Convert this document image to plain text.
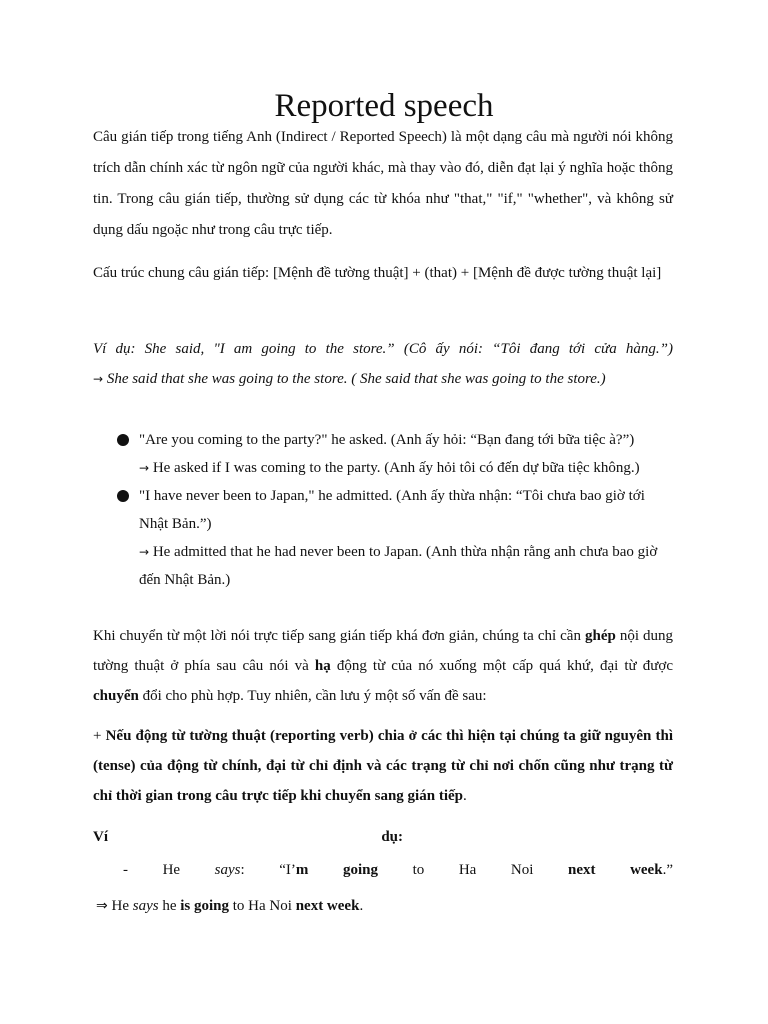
Reported speech

Câu gián tiếp trong tiếng Anh (Indirect / Reported Speech) là một dạng câu mà người nói không trích dẫn chính xác từ ngôn ngữ của người khác, mà thay vào đó, diễn đạt lại ý nghĩa hoặc thông tin. Trong câu gián tiếp, thường sử dụng các từ khóa như "that," "if," "whether", và không sử dụng dấu ngoặc như trong câu trực tiếp.

Cấu trúc chung câu gián tiếp: [Mệnh đề tường thuật] + (that) + [Mệnh đề được tường thuật lại]

Ví dụ: She said, "I am going to the store.” (Cô ấy nói: “Tôi đang tới cửa hàng.”)

→ She said that she was going to the store. ( She said that she was going to the store.)

"Are you coming to the party?" he asked. (Anh ấy hỏi: “Bạn đang tới bữa tiệc à?”)
→ He asked if I was coming to the party. (Anh ấy hỏi tôi có đến dự bữa tiệc không.)
"I have never been to Japan," he admitted. (Anh ấy thừa nhận: “Tôi chưa bao giờ tới Nhật Bản.”)
→ He admitted that he had never been to Japan. (Anh thừa nhận rằng anh chưa bao giờ đến Nhật Bản.)

Khi chuyển từ một lời nói trực tiếp sang gián tiếp khá đơn giản, chúng ta chỉ cần ghép nội dung tường thuật ở phía sau câu nói và hạ động từ của nó xuống một cấp quá khứ, đại từ được chuyển đổi cho phù hợp. Tuy nhiên, cần lưu ý một số vấn đề sau:

+ Nếu động từ tường thuật (reporting verb) chia ở các thì hiện tại chúng ta giữ nguyên thì (tense) của động từ chính, đại từ chỉ định và các trạng từ chỉ nơi chốn cũng như trạng từ chỉ thời gian trong câu trực tiếp khi chuyển sang gián tiếp.

Ví	dụ:
- He says: “I’m going to Ha Noi next week.”
⇒ He says he is going to Ha Noi next week.
